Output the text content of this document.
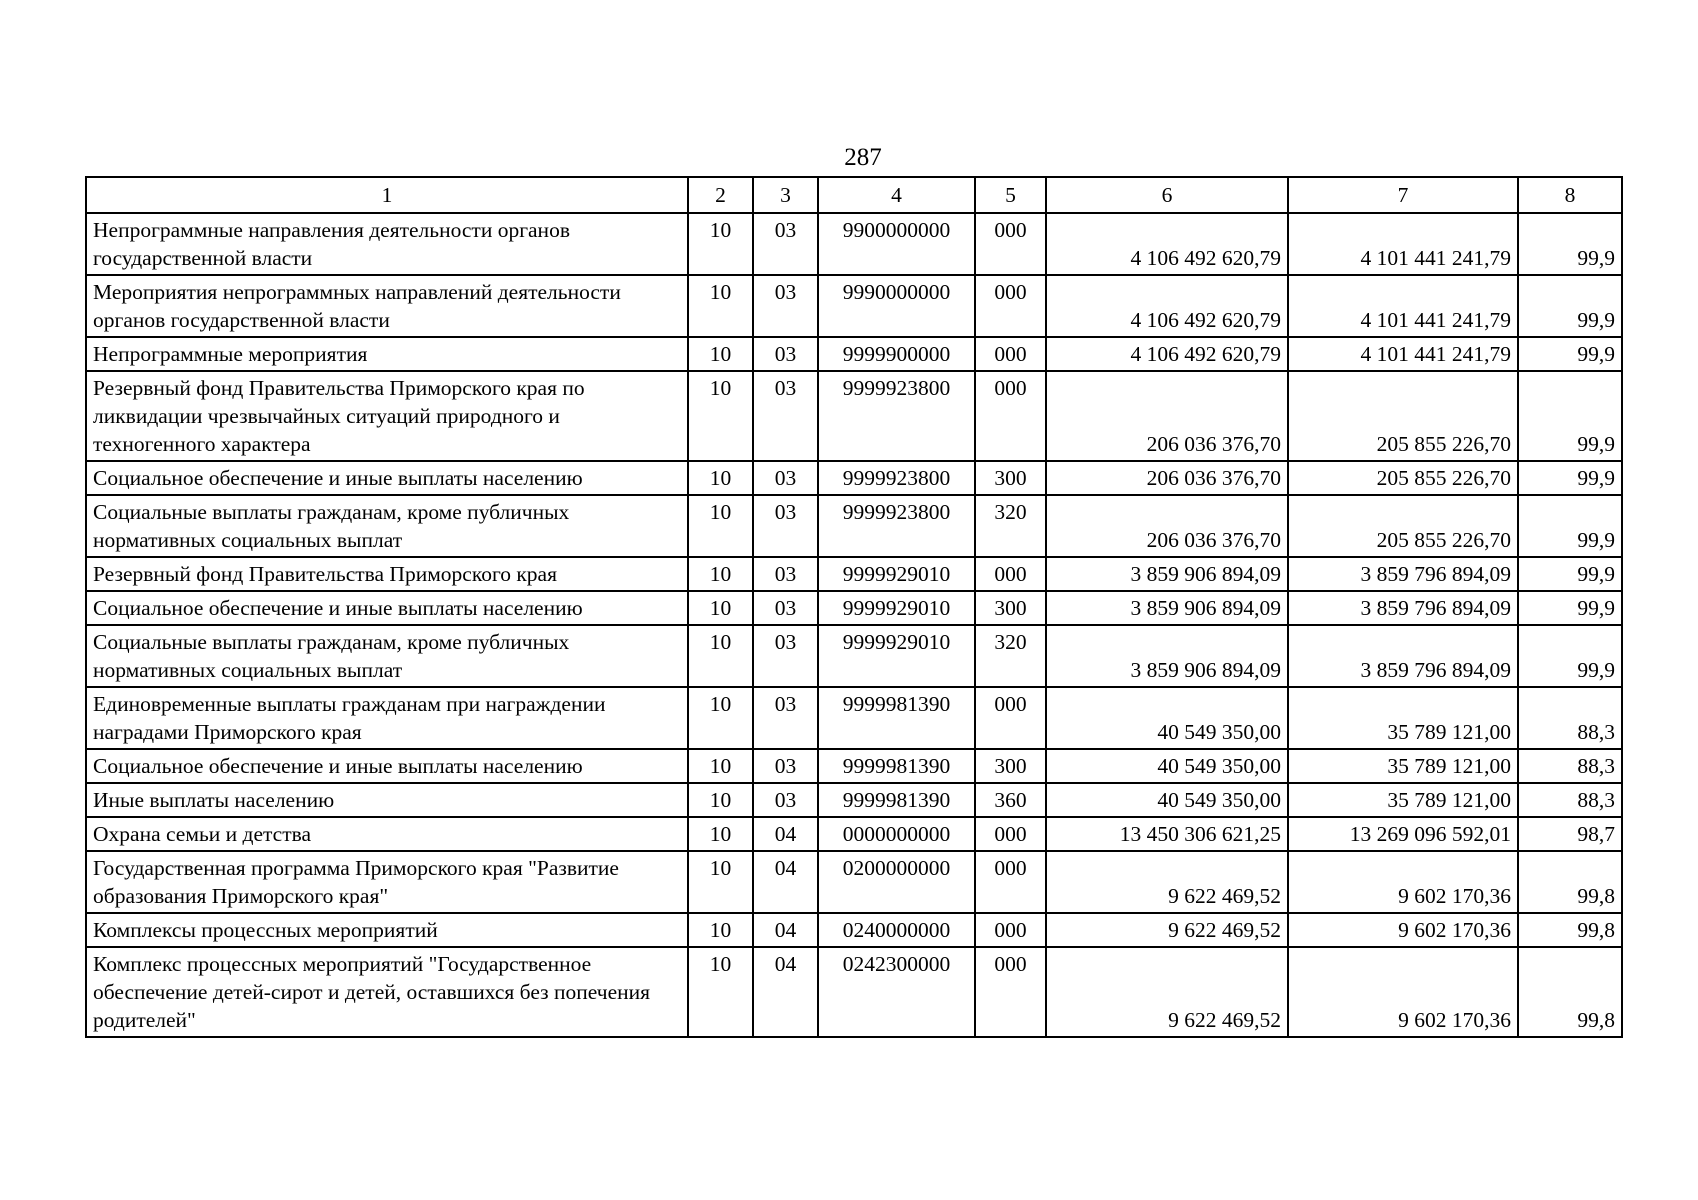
287
1	2	3	4	5	6	7	8
Непрограммные направления деятельности органов государственной власти	10	03	9900000000	000	4 106 492 620,79	4 101 441 241,79	99,9
Мероприятия непрограммных направлений деятельности органов государственной власти	10	03	9990000000	000	4 106 492 620,79	4 101 441 241,79	99,9
Непрограммные мероприятия	10	03	9999900000	000	4 106 492 620,79	4 101 441 241,79	99,9
Резервный фонд Правительства Приморского края по ликвидации чрезвычайных ситуаций природного и техногенного характера	10	03	9999923800	000	206 036 376,70	205 855 226,70	99,9
Социальное обеспечение и иные выплаты населению	10	03	9999923800	300	206 036 376,70	205 855 226,70	99,9
Социальные выплаты гражданам, кроме публичных нормативных социальных выплат	10	03	9999923800	320	206 036 376,70	205 855 226,70	99,9
Резервный фонд Правительства Приморского края	10	03	9999929010	000	3 859 906 894,09	3 859 796 894,09	99,9
Социальное обеспечение и иные выплаты населению	10	03	9999929010	300	3 859 906 894,09	3 859 796 894,09	99,9
Социальные выплаты гражданам, кроме публичных нормативных социальных выплат	10	03	9999929010	320	3 859 906 894,09	3 859 796 894,09	99,9
Единовременные выплаты гражданам при награждении наградами Приморского края	10	03	9999981390	000	40 549 350,00	35 789 121,00	88,3
Социальное обеспечение и иные выплаты населению	10	03	9999981390	300	40 549 350,00	35 789 121,00	88,3
Иные выплаты населению	10	03	9999981390	360	40 549 350,00	35 789 121,00	88,3
Охрана семьи и детства	10	04	0000000000	000	13 450 306 621,25	13 269 096 592,01	98,7
Государственная программа Приморского края "Развитие образования Приморского края"	10	04	0200000000	000	9 622 469,52	9 602 170,36	99,8
Комплексы процессных мероприятий	10	04	0240000000	000	9 622 469,52	9 602 170,36	99,8
Комплекс процессных мероприятий "Государственное обеспечение детей-сирот и детей, оставшихся без попечения родителей"	10	04	0242300000	000	9 622 469,52	9 602 170,36	99,8
